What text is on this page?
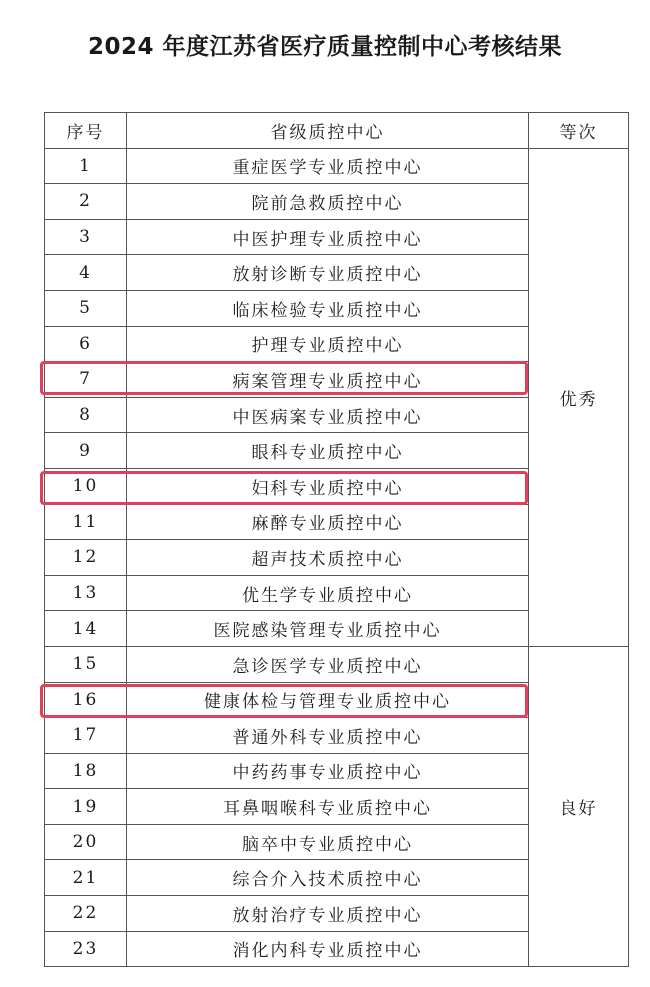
2024 年度江苏省医疗质量控制中心考核结果
序号	省级质控中心	等次
1	重症医学专业质控中心	优秀
2	院前急救质控中心	
3	中医护理专业质控中心	
4	放射诊断专业质控中心	
5	临床检验专业质控中心	
6	护理专业质控中心	
7	病案管理专业质控中心	
8	中医病案专业质控中心	
9	眼科专业质控中心	
10	妇科专业质控中心	
11	麻醉专业质控中心	
12	超声技术质控中心	
13	优生学专业质控中心	
14	医院感染管理专业质控中心	
15	急诊医学专业质控中心	良好
16	健康体检与管理专业质控中心	
17	普通外科专业质控中心	
18	中药药事专业质控中心	
19	耳鼻咽喉科专业质控中心	
20	脑卒中专业质控中心	
21	综合介入技术质控中心	
22	放射治疗专业质控中心	
23	消化内科专业质控中心	
